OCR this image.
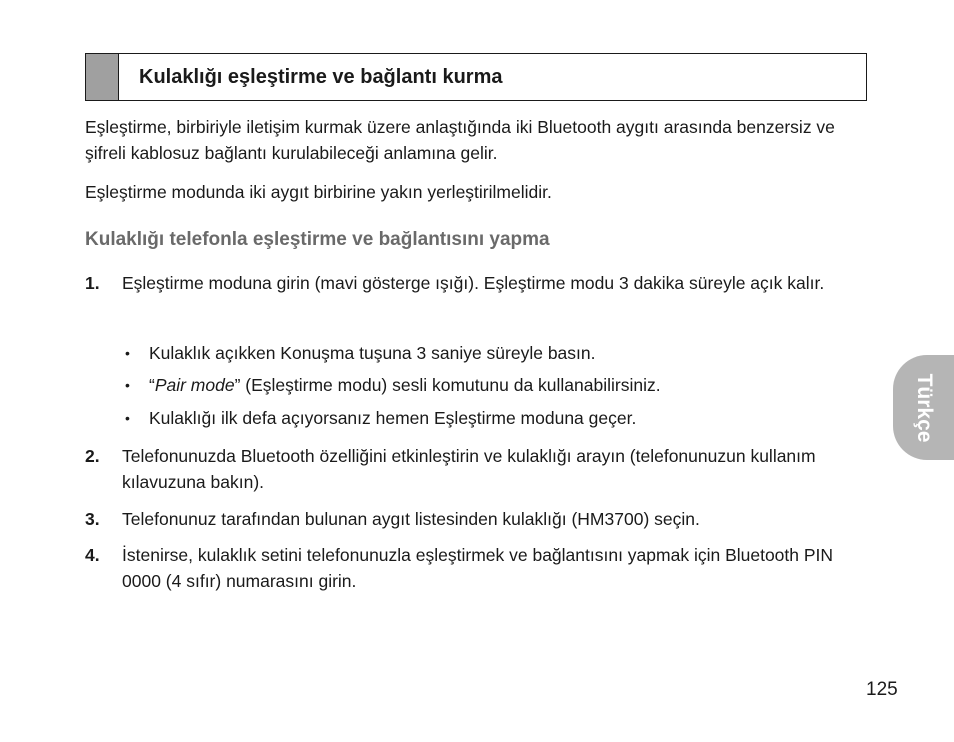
Kulaklığı eşleştirme ve bağlantı kurma

Eşleştirme, birbiriyle iletişim kurmak üzere anlaştığında iki Bluetooth aygıtı arasında benzersiz ve şifreli kablosuz bağlantı kurulabileceği anlamına gelir.

Eşleştirme modunda iki aygıt birbirine yakın yerleştirilmelidir.

Kulaklığı telefonla eşleştirme ve bağlantısını yapma
1.	Eşleştirme moduna girin (mavi gösterge ışığı). Eşleştirme modu 3 dakika süreyle açık kalır.
•	Kulaklık açıkken Konuşma tuşuna 3 saniye süreyle basın.
•	“Pair mode” (Eşleştirme modu) sesli komutunu da kullanabilirsiniz.
•	Kulaklığı ilk defa açıyorsanız hemen Eşleştirme moduna geçer.
2.	Telefonunuzda Bluetooth özelliğini etkinleştirin ve kulaklığı arayın (telefonunuzun kullanım kılavuzuna bakın).
3.	Telefonunuz tarafından bulunan aygıt listesinden kulaklığı (HM3700) seçin.
4.	İstenirse, kulaklık setini telefonunuzla eşleştirmek ve bağlantısını yapmak için Bluetooth PIN 0000 (4 sıfır) numarasını girin.
Türkçe
125
